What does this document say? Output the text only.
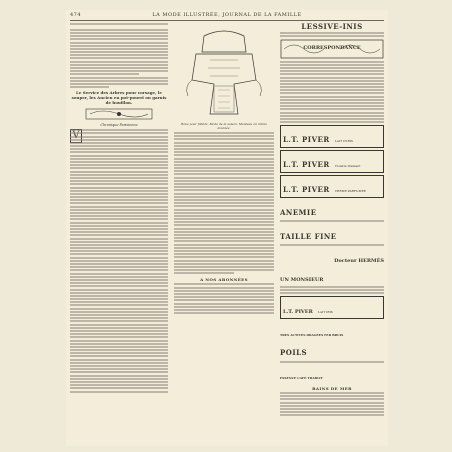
474	LA MODE ILLUSTRÉE, JOURNAL DE LA FAMILLE
Le Service des Arbres pour corsage, le souper, les Ancien en pot-pourri ou garnis de bouillon.
Chronique Parisienne	Robe pour fillette. Mode de la saison. Manteau en ratine doublée.
A NOS ABONNÉES
LESSIVE-INIS
CORRESPONDANCE
L.T. PIVER LAIT D'IRIS
L.T. PIVER Violette Diamant
L.T. PIVER CREME PARFUMÉE
ANEMIE
TAILLE FINE
Docteur HERMÈS
UN MONSIEUR
L.T. PIVER LAIT IRIS
TRES ACTIVES DRAGÉES FER BRUIS
POILS
ESSENCE CAFÉ TRABLIT
BAINS DE MER
